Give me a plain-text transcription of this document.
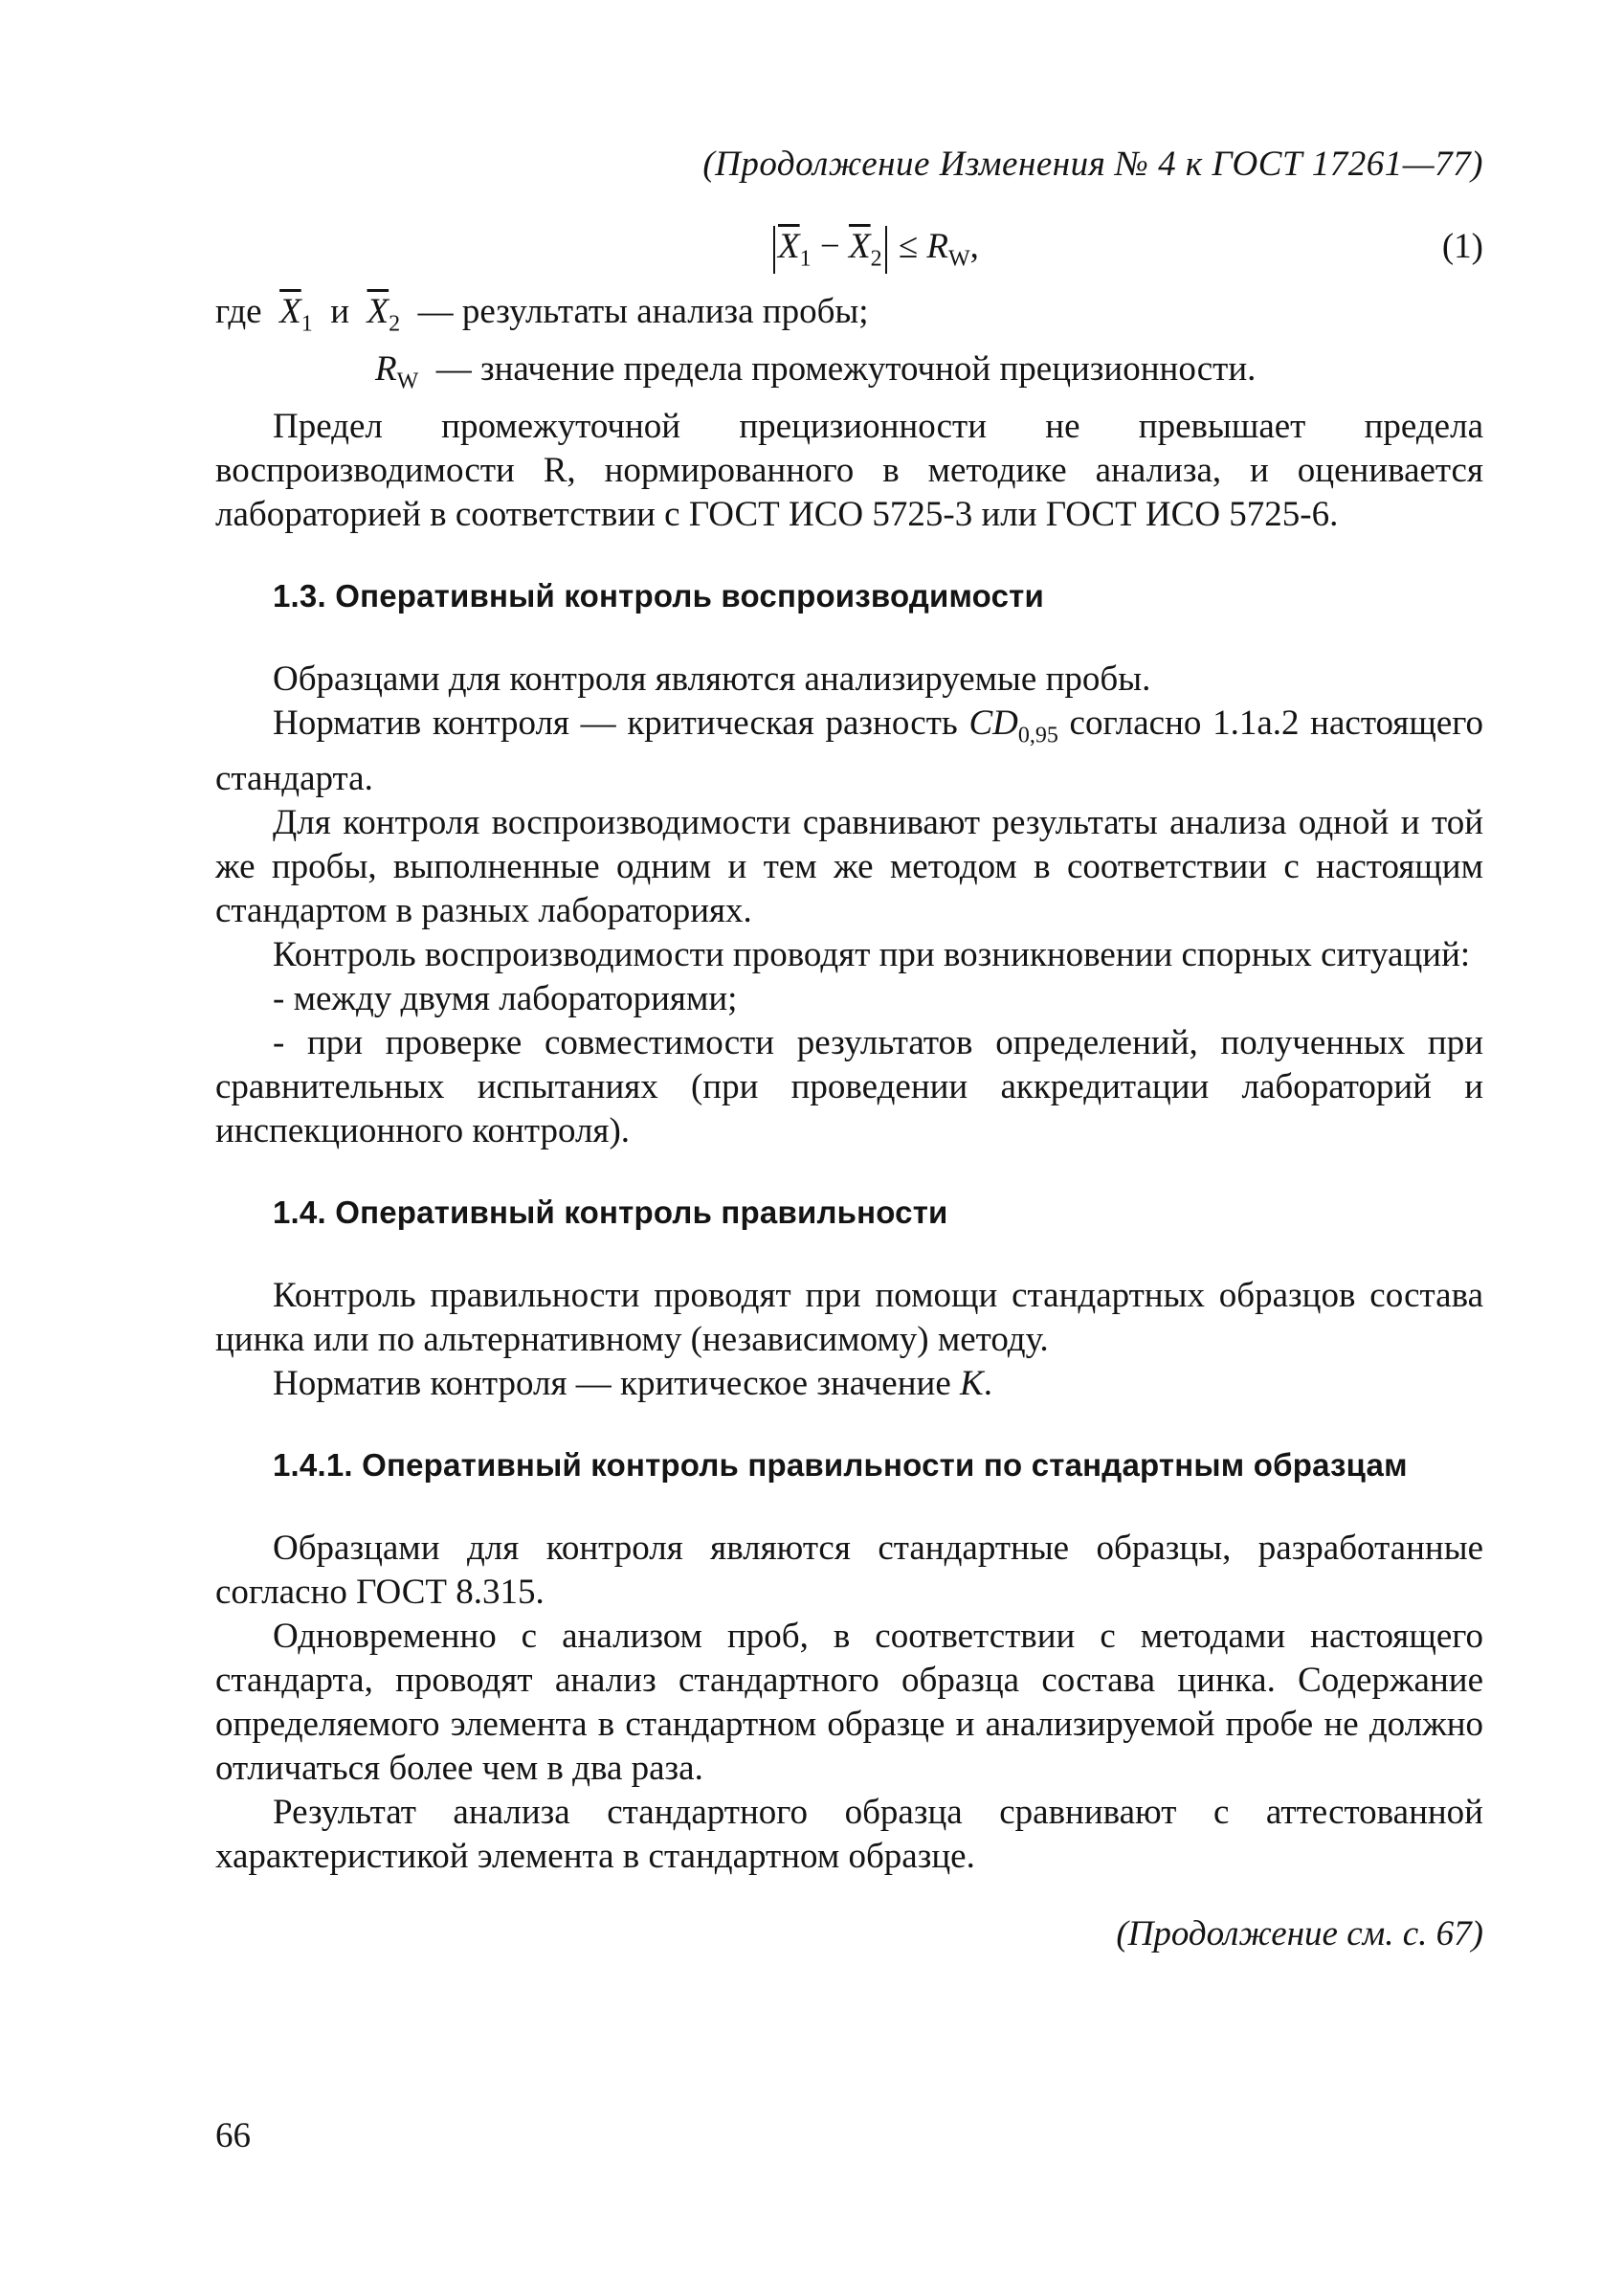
(Продолжение Изменения № 4 к ГОСТ 17261—77)
$\overline{X}_1 - \overline{X}_2 \le R_W$,	(1)
где $\overline{X}_1$ и $\overline{X}_2$ — результаты анализа пробы;
$R_W$ — значение предела промежуточной прецизионности.

Предел промежуточной прецизионности не превышает предела воспроизводимости R, нормированного в методике анализа, и оценивается лабораторией в соответствии с ГОСТ ИСО 5725-3 или ГОСТ ИСО 5725-6.

1.3. Оперативный контроль воспроизводимости

Образцами для контроля являются анализируемые пробы.

Норматив контроля — критическая разность $CD_{0,95}$ согласно 1.1а.2 настоящего стандарта.

Для контроля воспроизводимости сравнивают результаты анализа одной и той же пробы, выполненные одним и тем же методом в соответствии с настоящим стандартом в разных лабораториях.

Контроль воспроизводимости проводят при возникновении спорных ситуаций:

- между двумя лабораториями;

- при проверке совместимости результатов определений, полученных при сравнительных испытаниях (при проведении аккредитации лабораторий и инспекционного контроля).

1.4. Оперативный контроль правильности

Контроль правильности проводят при помощи стандартных образцов состава цинка или по альтернативному (независимому) методу.

Норматив контроля — критическое значение K.

1.4.1. Оперативный контроль правильности по стандартным образцам

Образцами для контроля являются стандартные образцы, разработанные согласно ГОСТ 8.315.

Одновременно с анализом проб, в соответствии с методами настоящего стандарта, проводят анализ стандартного образца состава цинка. Содержание определяемого элемента в стандартном образце и анализируемой пробе не должно отличаться более чем в два раза.

Результат анализа стандартного образца сравнивают с аттестованной характеристикой элемента в стандартном образце.

(Продолжение см. с. 67)
66
